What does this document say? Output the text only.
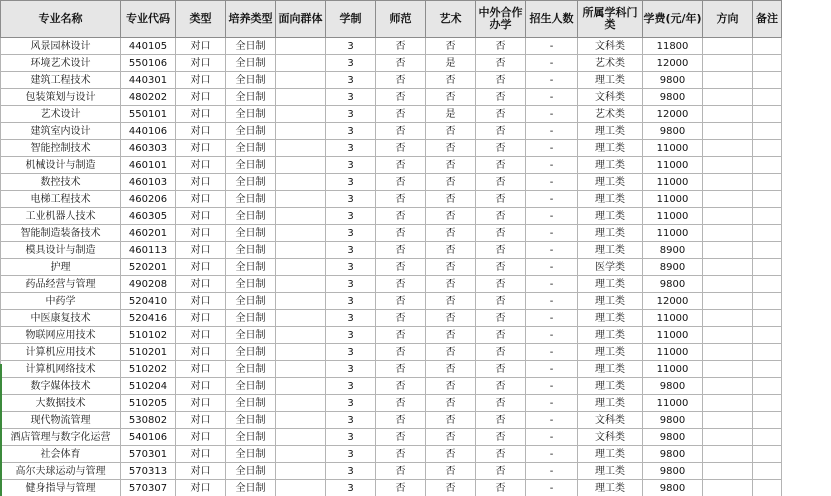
专业名称	专业代码	类型	培养类型	面向群体	学制	师范	艺术	中外合作办学	招生人数	所属学科门类	学费(元/年)	方向	备注
风景园林设计	440105	对口	全日制		3	否	否	否	-	文科类	11800		
环境艺术设计	550106	对口	全日制		3	否	是	否	-	艺术类	12000		
建筑工程技术	440301	对口	全日制		3	否	否	否	-	理工类	9800		
包装策划与设计	480202	对口	全日制		3	否	否	否	-	文科类	9800		
艺术设计	550101	对口	全日制		3	否	是	否	-	艺术类	12000		
建筑室内设计	440106	对口	全日制		3	否	否	否	-	理工类	9800		
智能控制技术	460303	对口	全日制		3	否	否	否	-	理工类	11000		
机械设计与制造	460101	对口	全日制		3	否	否	否	-	理工类	11000		
数控技术	460103	对口	全日制		3	否	否	否	-	理工类	11000		
电梯工程技术	460206	对口	全日制		3	否	否	否	-	理工类	11000		
工业机器人技术	460305	对口	全日制		3	否	否	否	-	理工类	11000		
智能制造装备技术	460201	对口	全日制		3	否	否	否	-	理工类	11000		
模具设计与制造	460113	对口	全日制		3	否	否	否	-	理工类	8900		
护理	520201	对口	全日制		3	否	否	否	-	医学类	8900		
药品经营与管理	490208	对口	全日制		3	否	否	否	-	理工类	9800		
中药学	520410	对口	全日制		3	否	否	否	-	理工类	12000		
中医康复技术	520416	对口	全日制		3	否	否	否	-	理工类	11000		
物联网应用技术	510102	对口	全日制		3	否	否	否	-	理工类	11000		
计算机应用技术	510201	对口	全日制		3	否	否	否	-	理工类	11000		
计算机网络技术	510202	对口	全日制		3	否	否	否	-	理工类	11000		
数字媒体技术	510204	对口	全日制		3	否	否	否	-	理工类	9800		
大数据技术	510205	对口	全日制		3	否	否	否	-	理工类	11000		
现代物流管理	530802	对口	全日制		3	否	否	否	-	文科类	9800		
酒店管理与数字化运营	540106	对口	全日制		3	否	否	否	-	文科类	9800		
社会体育	570301	对口	全日制		3	否	否	否	-	理工类	9800		
高尔夫球运动与管理	570313	对口	全日制		3	否	否	否	-	理工类	9800		
健身指导与管理	570307	对口	全日制		3	否	否	否	-	理工类	9800		
